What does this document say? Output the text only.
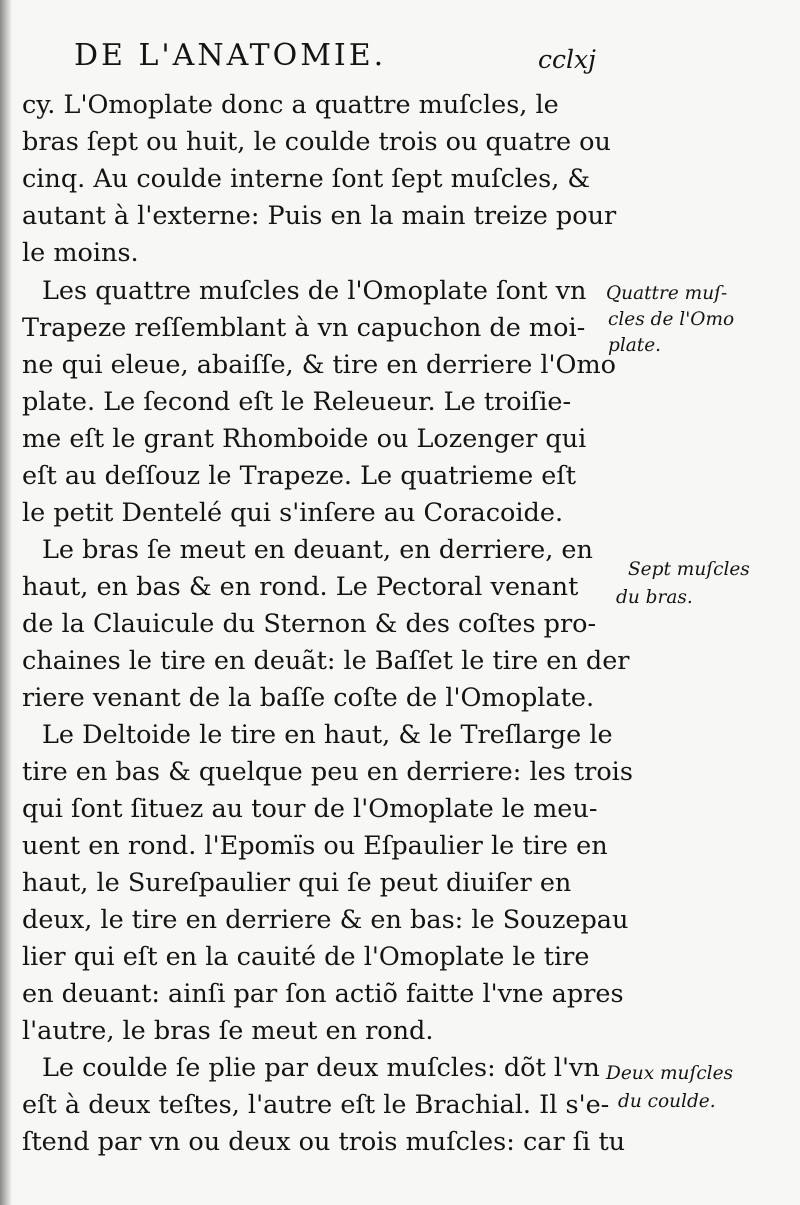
DE L'ANATOMIE.	cclxj
cy. L'Omoplate donc a quattre muſcles, le
bras ſept ou huit, le coulde trois ou quatre ou
cinq. Au coulde interne ſont ſept muſcles, &
autant à l'externe: Puis en la main treize pour
le moins.
Les quattre muſcles de l'Omoplate ſont vn
Trapeze reſſemblant à vn capuchon de moi-
ne qui eleue, abaiſſe, & tire en derriere l'Omo
plate. Le ſecond eſt le Releueur. Le troiſie-
me eſt le grant Rhomboide ou Lozenger qui
eſt au deſſouz le Trapeze. Le quatrieme eſt
le petit Dentelé qui s'inſere au Coracoide.
Le bras ſe meut en deuant, en derriere, en
haut, en bas & en rond. Le Pectoral venant
de la Clauicule du Sternon & des coſtes pro-
chaines le tire en deuãt: le Baſſet le tire en der
riere venant de la baſſe coſte de l'Omoplate.
Le Deltoide le tire en haut, & le Treſlarge le
tire en bas & quelque peu en derriere: les trois
qui ſont ſituez au tour de l'Omoplate le meu-
uent en rond. l'Epomïs ou Eſpaulier le tire en
haut, le Sureſpaulier qui ſe peut diuiſer en
deux, le tire en derriere & en bas: le Souzepau
lier qui eſt en la cauité de l'Omoplate le tire
en deuant: ainſi par ſon actiõ faitte l'vne apres
l'autre, le bras ſe meut en rond.
Le coulde ſe plie par deux muſcles: dõt l'vn
eſt à deux teſtes, l'autre eſt le Brachial. Il s'e-
ſtend par vn ou deux ou trois muſcles: car ſi tu
Quattre muſ-
cles de l'Omo
plate.
Sept muſcles
du bras.
Deux muſcles
du coulde.
